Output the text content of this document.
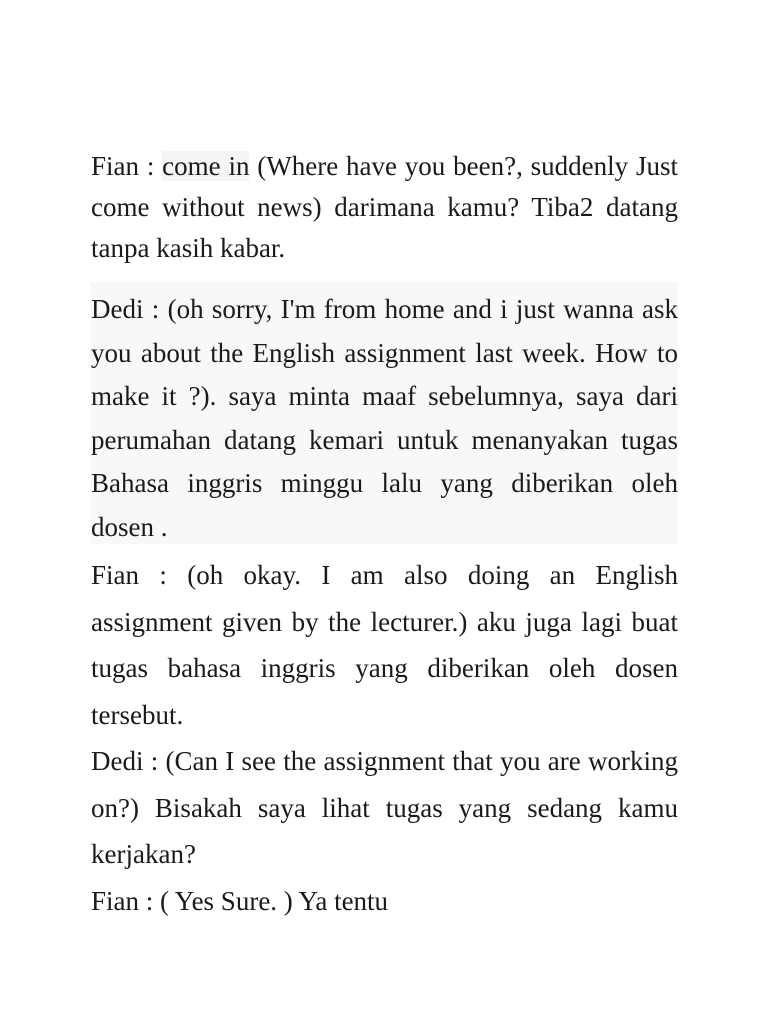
Fian : come in (Where have you been?, suddenly Just come without news) darimana kamu? Tiba2 datang tanpa kasih kabar.

Dedi : (oh sorry, I'm from home and i just wanna ask you about the English assignment last week. How to make it ?). saya minta maaf sebelumnya, saya dari perumahan datang kemari untuk menanyakan tugas Bahasa inggris minggu lalu yang diberikan oleh dosen .

Fian : (oh okay. I am also doing an English assignment given by the lecturer.) aku juga lagi buat tugas bahasa inggris yang diberikan oleh dosen tersebut.

Dedi : (Can I see the assignment that you are working on?) Bisakah saya lihat tugas yang sedang kamu kerjakan?

Fian : ( Yes Sure. ) Ya tentu
